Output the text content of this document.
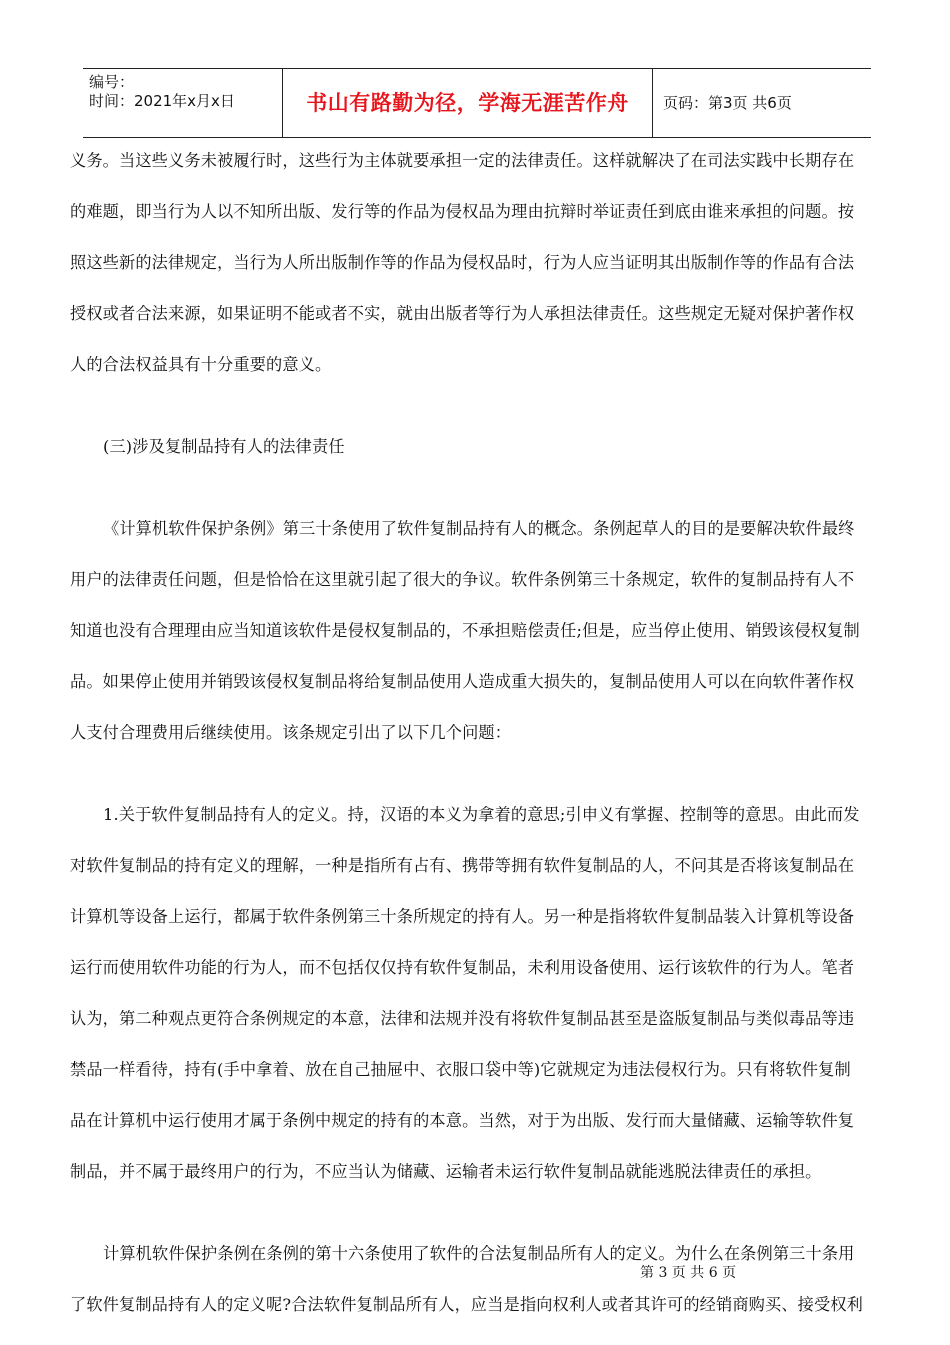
编号：
时间：2021年x月x日	书山有路勤为径，学海无涯苦作舟	页码：第3页 共6页
义务。当这些义务未被履行时，这些行为主体就要承担一定的法律责任。这样就解决了在司法实践中长期存在
的难题，即当行为人以不知所出版、发行等的作品为侵权品为理由抗辩时举证责任到底由谁来承担的问题。按
照这些新的法律规定，当行为人所出版制作等的作品为侵权品时，行为人应当证明其出版制作等的作品有合法
授权或者合法来源，如果证明不能或者不实，就由出版者等行为人承担法律责任。这些规定无疑对保护著作权
人的合法权益具有十分重要的意义。
(三)涉及复制品持有人的法律责任
《计算机软件保护条例》第三十条使用了软件复制品持有人的概念。条例起草人的目的是要解决软件最终
用户的法律责任问题，但是恰恰在这里就引起了很大的争议。软件条例第三十条规定，软件的复制品持有人不
知道也没有合理理由应当知道该软件是侵权复制品的，不承担赔偿责任;但是，应当停止使用、销毁该侵权复制
品。如果停止使用并销毁该侵权复制品将给复制品使用人造成重大损失的，复制品使用人可以在向软件著作权
人支付合理费用后继续使用。该条规定引出了以下几个问题：
1.关于软件复制品持有人的定义。持，汉语的本义为拿着的意思;引申义有掌握、控制等的意思。由此而发
对软件复制品的持有定义的理解，一种是指所有占有、携带等拥有软件复制品的人，不问其是否将该复制品在
计算机等设备上运行，都属于软件条例第三十条所规定的持有人。另一种是指将软件复制品装入计算机等设备
运行而使用软件功能的行为人，而不包括仅仅持有软件复制品，未利用设备使用、运行该软件的行为人。笔者
认为，第二种观点更符合条例规定的本意，法律和法规并没有将软件复制品甚至是盗版复制品与类似毒品等违
禁品一样看待，持有(手中拿着、放在自己抽屉中、衣服口袋中等)它就规定为违法侵权行为。只有将软件复制
品在计算机中运行使用才属于条例中规定的持有的本意。当然，对于为出版、发行而大量储藏、运输等软件复
制品，并不属于最终用户的行为，不应当认为储藏、运输者未运行软件复制品就能逃脱法律责任的承担。
计算机软件保护条例在条例的第十六条使用了软件的合法复制品所有人的定义。为什么在条例第三十条用
了软件复制品持有人的定义呢?合法软件复制品所有人，应当是指向权利人或者其许可的经销商购买、接受权利
第 3 页 共 6 页
